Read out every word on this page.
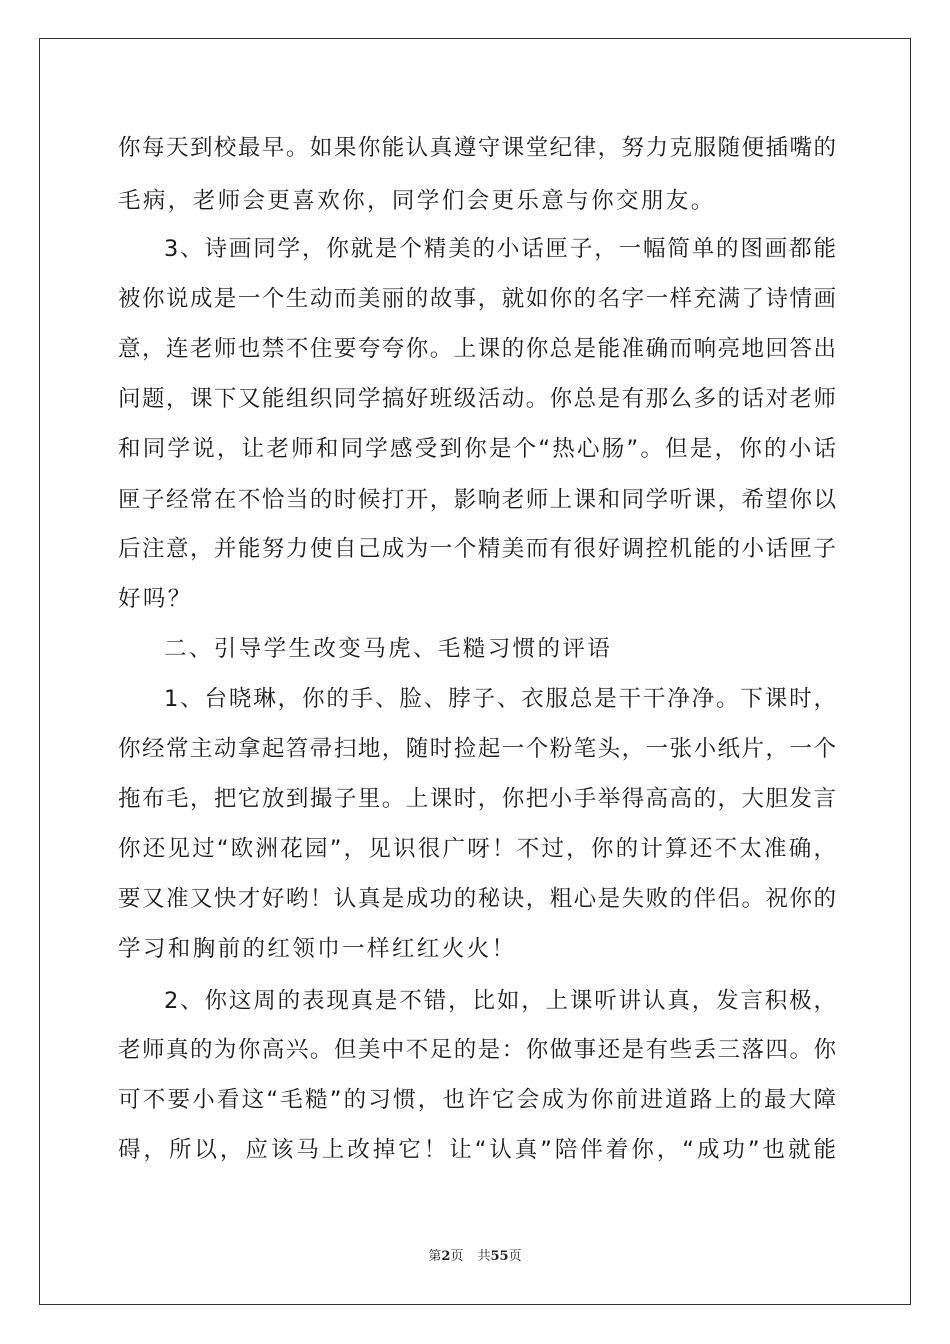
你每天到校最早。如果你能认真遵守课堂纪律，努力克服随便插嘴的
毛病，老师会更喜欢你，同学们会更乐意与你交朋友。
3、诗画同学，你就是个精美的小话匣子，一幅简单的图画都能
被你说成是一个生动而美丽的故事，就如你的名字一样充满了诗情画
意，连老师也禁不住要夸夸你。上课的你总是能准确而响亮地回答出
问题，课下又能组织同学搞好班级活动。你总是有那么多的话对老师
和同学说，让老师和同学感受到你是个“热心肠”。但是，你的小话
匣子经常在不恰当的时候打开，影响老师上课和同学听课，希望你以
后注意，并能努力使自己成为一个精美而有很好调控机能的小话匣子
好吗？
二、引导学生改变马虎、毛糙习惯的评语
1、台晓琳，你的手、脸、脖子、衣服总是干干净净。下课时，
你经常主动拿起笤帚扫地，随时捡起一个粉笔头，一张小纸片，一个
拖布毛，把它放到撮子里。上课时，你把小手举得高高的，大胆发言
你还见过“欧洲花园”，见识很广呀！不过，你的计算还不太准确，
要又准又快才好哟！认真是成功的秘诀，粗心是失败的伴侣。祝你的
学习和胸前的红领巾一样红红火火！
2、你这周的表现真是不错，比如，上课听讲认真，发言积极，
老师真的为你高兴。但美中不足的是：你做事还是有些丢三落四。你
可不要小看这“毛糙”的习惯，也许它会成为你前进道路上的最大障
碍，所以，应该马上改掉它！让“认真”陪伴着你，“成功”也就能
第2页 共55页
